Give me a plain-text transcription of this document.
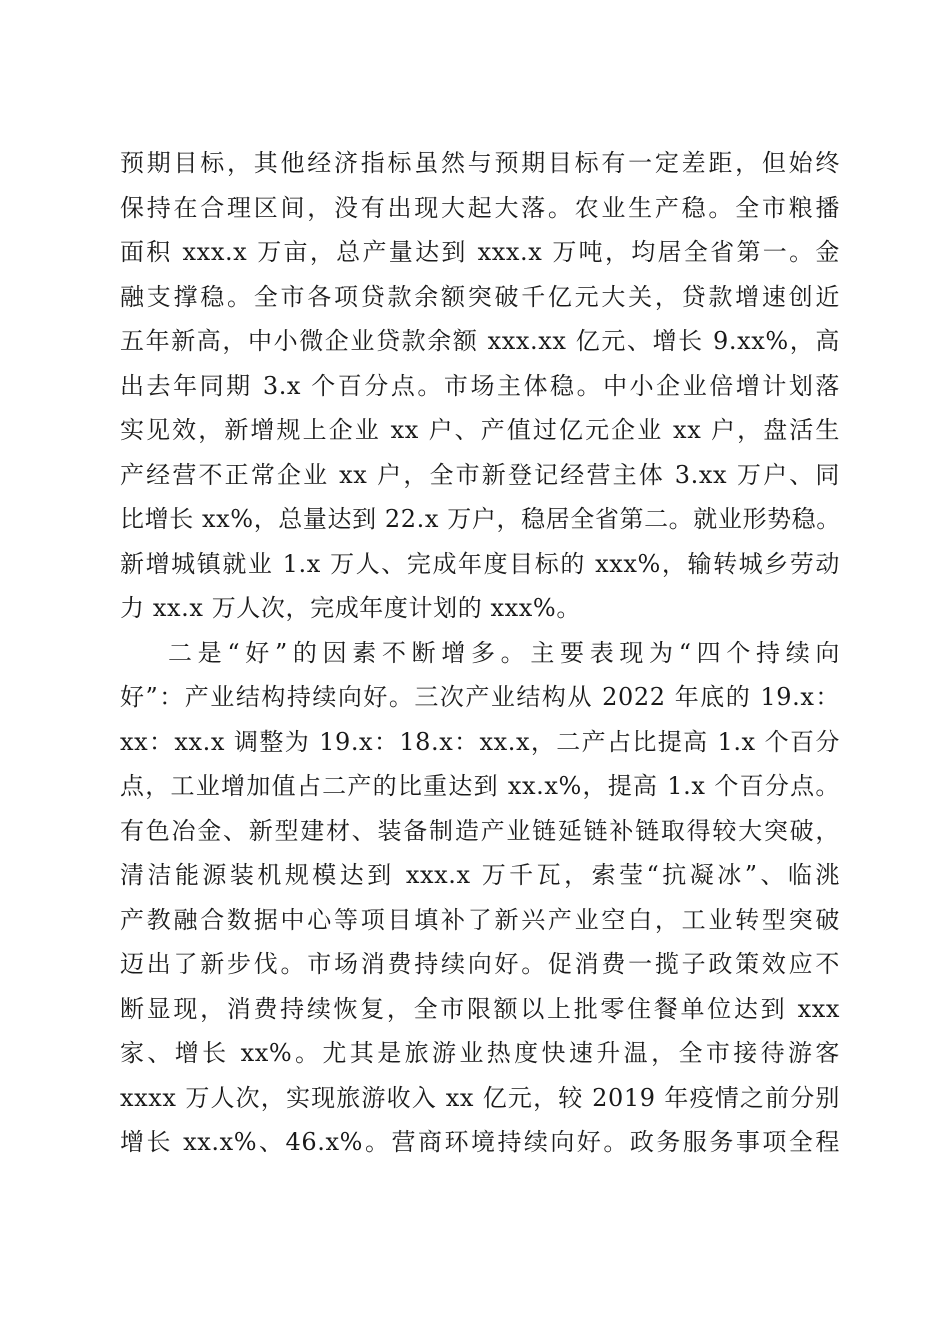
预期目标，其他经济指标虽然与预期目标有一定差距，但始终
保持在合理区间，没有出现大起大落。农业生产稳。全市粮播
面积 xxx.x 万亩，总产量达到 xxx.x 万吨，均居全省第一。金
融支撑稳。全市各项贷款余额突破千亿元大关，贷款增速创近
五年新高，中小微企业贷款余额 xxx.xx 亿元、增长 9.xx%，高
出去年同期 3.x 个百分点。市场主体稳。中小企业倍增计划落
实见效，新增规上企业 xx 户、产值过亿元企业 xx 户，盘活生
产经营不正常企业 xx 户，全市新登记经营主体 3.xx 万户、同
比增长 xx%，总量达到 22.x 万户，稳居全省第二。就业形势稳。
新增城镇就业 1.x 万人、完成年度目标的 xxx%，输转城乡劳动
力 xx.x 万人次，完成年度计划的 xxx%。
二是“好”的因素不断增多。主要表现为“四个持续向
好”：产业结构持续向好。三次产业结构从 2022 年底的 19.x：
xx：xx.x 调整为 19.x：18.x：xx.x，二产占比提高 1.x 个百分
点，工业增加值占二产的比重达到 xx.x%，提高 1.x 个百分点。
有色冶金、新型建材、装备制造产业链延链补链取得较大突破，
清洁能源装机规模达到 xxx.x 万千瓦，索莹“抗凝冰”、临洮
产教融合数据中心等项目填补了新兴产业空白，工业转型突破
迈出了新步伐。市场消费持续向好。促消费一揽子政策效应不
断显现，消费持续恢复，全市限额以上批零住餐单位达到 xxx
家、增长 xx%。尤其是旅游业热度快速升温，全市接待游客
xxxx 万人次，实现旅游收入 xx 亿元，较 2019 年疫情之前分别
增长 xx.x%、46.x%。营商环境持续向好。政务服务事项全程
